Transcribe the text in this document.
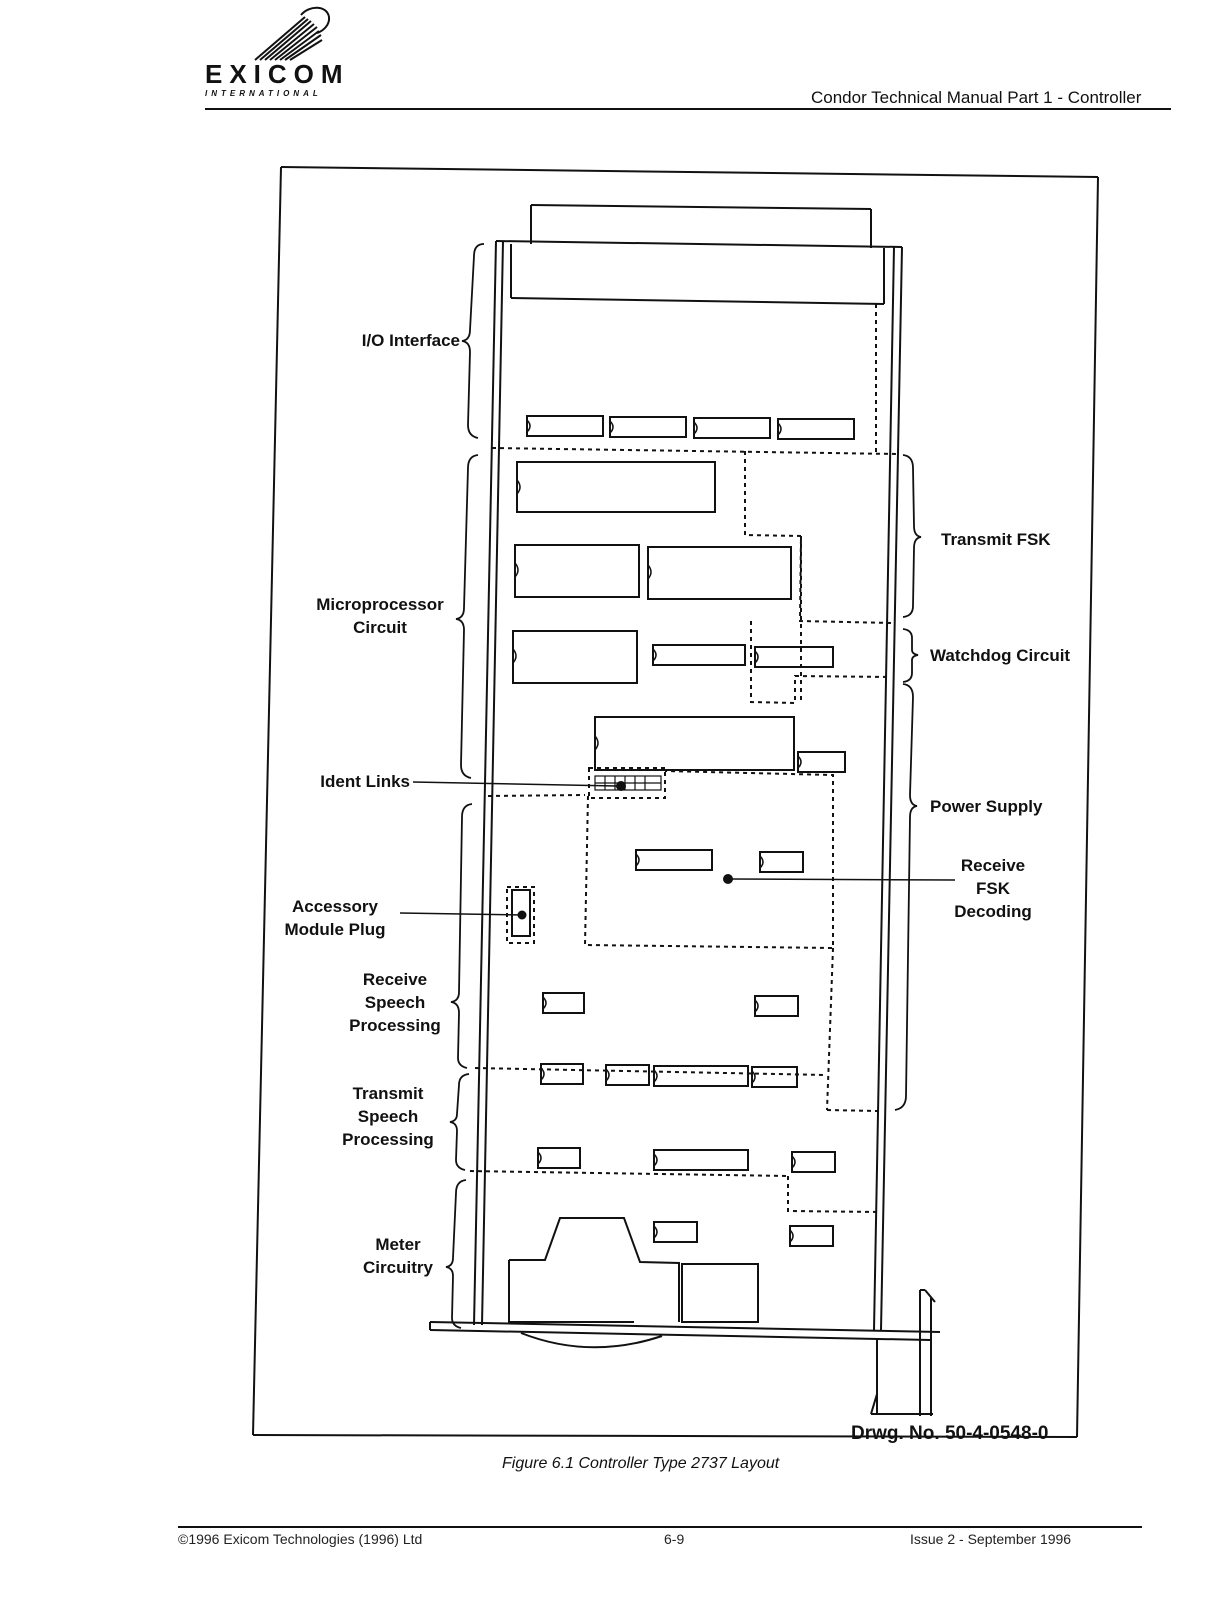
EXICOM
INTERNATIONAL	Condor Technical Manual Part 1 - Controller
I/O Interface
Microprocessor
Circuit
Ident Links
Accessory
Module Plug
Receive
Speech
Processing
Transmit
Speech
Processing
Meter
Circuitry
Transmit FSK
Watchdog Circuit
Power Supply
Receive
FSK
Decoding
Drwg. No. 50-4-0548-0
Figure 6.1 Controller Type 2737 Layout
©1996 Exicom Technologies (1996) Ltd	6-9	Issue 2 - September 1996
